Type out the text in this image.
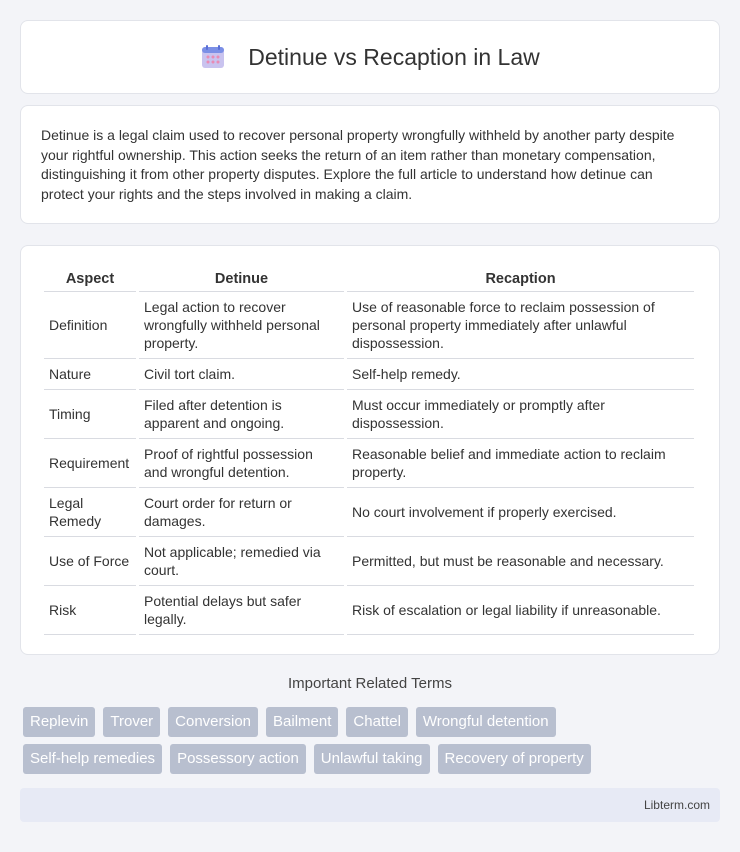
Detinue vs Recaption in Law

Detinue is a legal claim used to recover personal property wrongfully withheld by another party despite your rightful ownership. This action seeks the return of an item rather than monetary compensation, distinguishing it from other property disputes. Explore the full article to understand how detinue can protect your rights and the steps involved in making a claim.

Aspect	Detinue	Recaption
Definition	Legal action to recover wrongfully withheld personal property.	Use of reasonable force to reclaim possession of personal property immediately after unlawful dispossession.
Nature	Civil tort claim.	Self-help remedy.
Timing	Filed after detention is apparent and ongoing.	Must occur immediately or promptly after dispossession.
Requirement	Proof of rightful possession and wrongful detention.	Reasonable belief and immediate action to reclaim property.
Legal Remedy	Court order for return or damages.	No court involvement if properly exercised.
Use of Force	Not applicable; remedied via court.	Permitted, but must be reasonable and necessary.
Risk	Potential delays but safer legally.	Risk of escalation or legal liability if unreasonable.
Important Related Terms
Replevin	Trover	Conversion	Bailment	Chattel	Wrongful detention
Self-help remedies	Possessory action	Unlawful taking	Recovery of property
Libterm.com
